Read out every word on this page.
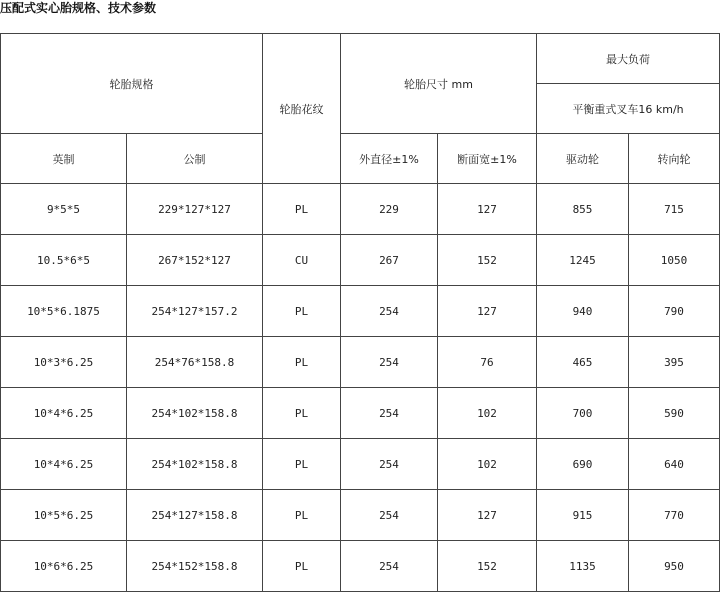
压配式实心胎规格、技术参数
轮胎规格		轮胎花纹	轮胎尺寸 mm		最大负荷	
					平衡重式叉车16 km/h	
英制	公制		外直径±1%	断面宽±1%	驱动轮	转向轮
9*5*5	229*127*127	PL	229	127	855	715
10.5*6*5	267*152*127	CU	267	152	1245	1050
10*5*6.1875	254*127*157.2	PL	254	127	940	790
10*3*6.25	254*76*158.8	PL	254	76	465	395
10*4*6.25	254*102*158.8	PL	254	102	700	590
10*4*6.25	254*102*158.8	PL	254	102	690	640
10*5*6.25	254*127*158.8	PL	254	127	915	770
10*6*6.25	254*152*158.8	PL	254	152	1135	950
